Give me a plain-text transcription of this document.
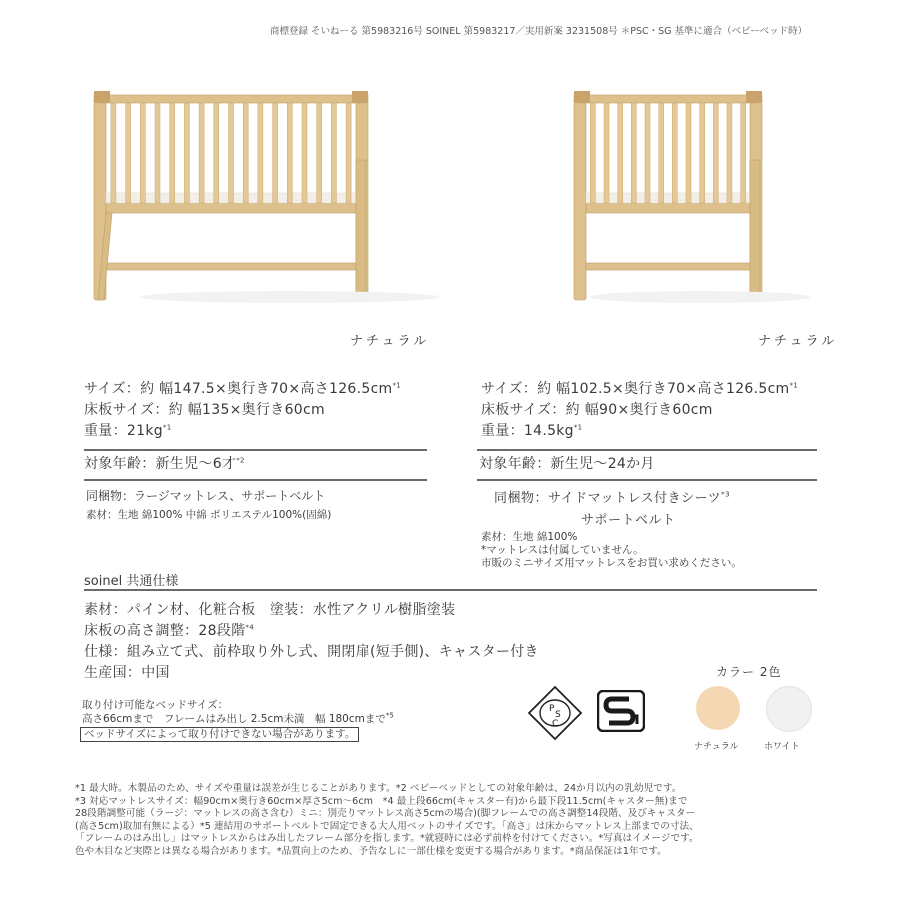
商標登録 そいねーる 第5983216号 SOINEL 第5983217／実用新案 3231508号 ＊PSC・SG 基準に適合（ベビーベッド時）
ナチュラル	ナチュラル
サイズ：約 幅147.5×奥行き70×高さ$126.5cm^{*1}$
床板サイズ：約 幅135×奥行き60cm
重量：$21kg^{*1}$
対象年齢：新生児〜6才$^{*2}$
同梱物：ラージマットレス、サポートベルト
素材：生地 綿100% 中綿 ポリエステル100%(固綿)
サイズ：約 幅102.5×奥行き70×高さ$126.5cm^{*1}$
床板サイズ：約 幅90×奥行き60cm
重量：$14.5kg^{*1}$
対象年齢：新生児〜24か月
同梱物：サイドマットレス付きシーツ$^{*3}$
サポートベルト
素材：生地 綿100%
*マットレスは付属していません。
市販のミニサイズ用マットレスをお買い求めください。
soinel 共通仕様
素材：パイン材、化粧合板　塗装：水性アクリル樹脂塗装
床板の高さ調整：28段階$^{*4}$
仕様：組み立て式、前枠取り外し式、開閉扉(短手側)、キャスター付き
生産国：中国
取り付け可能なベッドサイズ：
高さ66cmまで　フレームはみ出し 2.5cm未満　幅 180cmまで$^{*5}$
ベッドサイズによって取り付けできない場合があります。
P
S
C
カラー 2色
ナチュラル	ホワイト
*1 最大時。木製品のため、サイズや重量は誤差が生じることがあります。*2 ベビーベッドとしての対象年齢は、24か月以内の乳幼児です。
*3 対応マットレスサイズ：幅90cm×奥行き60cm×厚さ5cm〜6cm　*4 最上段66cm(キャスター有)から最下段11.5cm(キャスター無)まで
28段階調整可能（ラージ：マットレスの高さ含む）ミニ：別売りマットレス高さ5cmの場合)(脚フレームでの高さ調整14段階、及びキャスター
(高さ5cm)取加有無による）*5 連結用のサポートベルトで固定できる大人用ベットのサイズです。「高さ」は床からマットレス上部までの寸法、
「フレームのはみ出し」はマットレスからはみ出したフレーム部分を指します。*就寝時には必ず前枠を付けてください。*写真はイメージです。
色や木目など実際とは異なる場合があります。*品質向上のため、予告なしに一部仕様を変更する場合があります。*商品保証は1年です。
